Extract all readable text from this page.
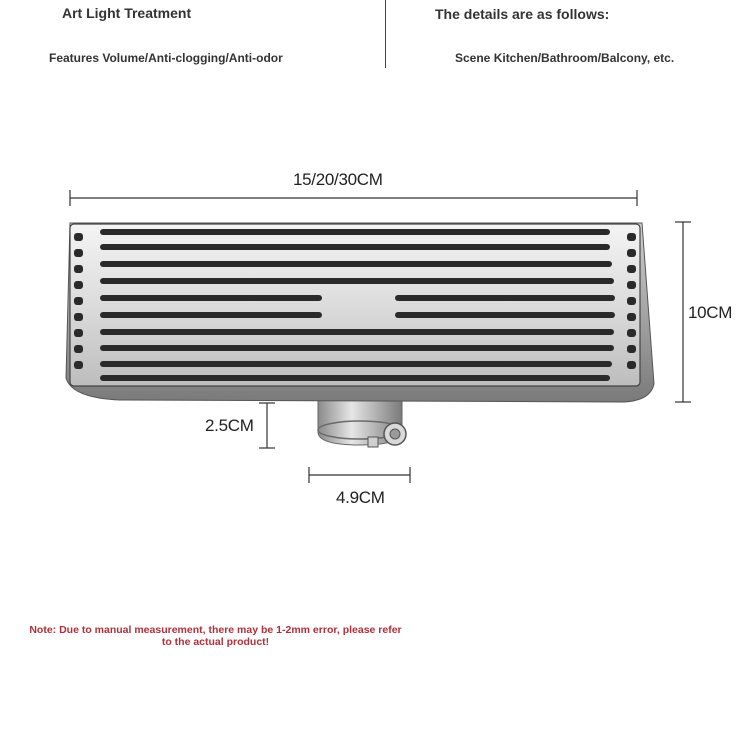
Art Light Treatment
Features Volume/Anti-clogging/Anti-odor
The details are as follows:
Scene Kitchen/Bathroom/Balcony, etc.
15/20/30CM
10CM
2.5CM
4.9CM
Note: Due to manual measurement, there may be 1-2mm error, please refer to the actual product!
